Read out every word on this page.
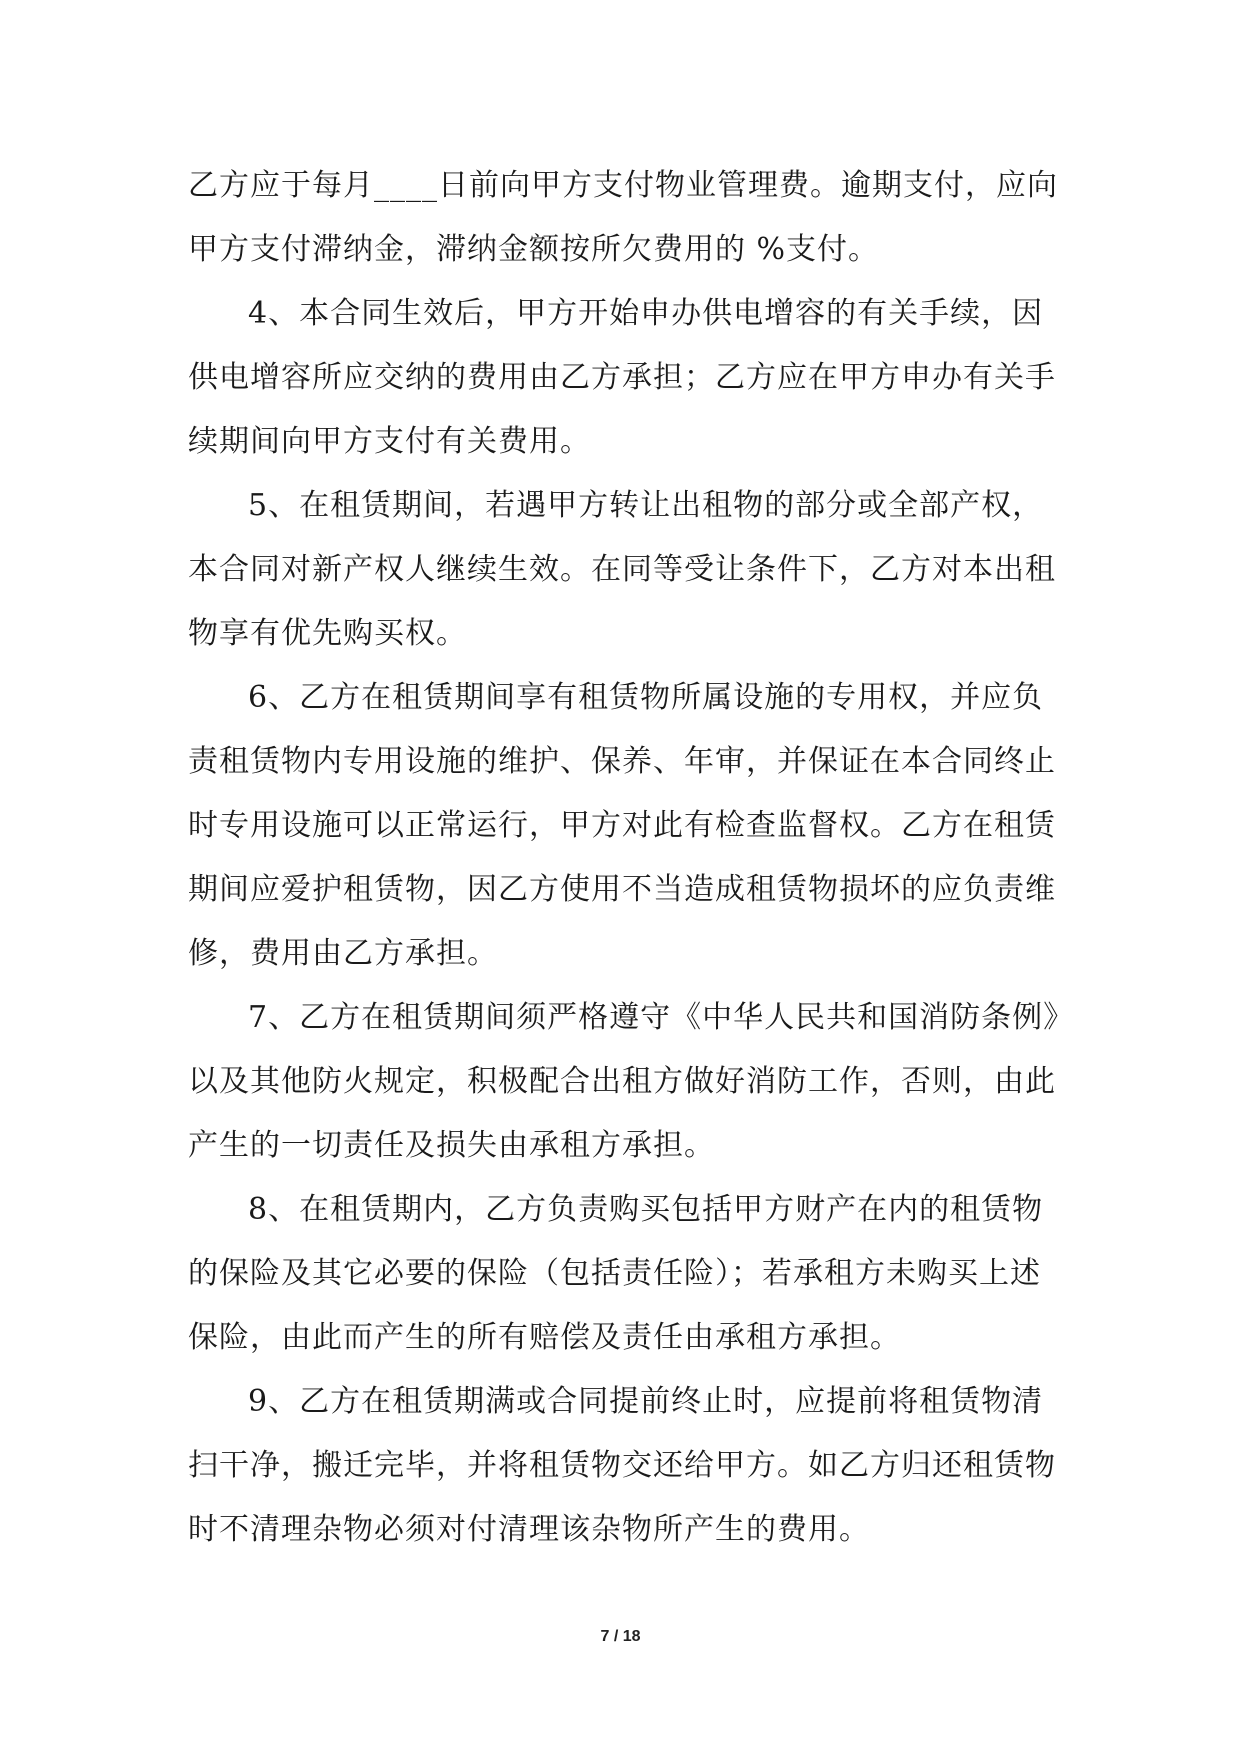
乙方应于每月____日前向甲方支付物业管理费。逾期支付，应向
甲方支付滞纳金，滞纳金额按所欠费用的 %支付。
4、本合同生效后，甲方开始申办供电增容的有关手续，因
供电增容所应交纳的费用由乙方承担；乙方应在甲方申办有关手
续期间向甲方支付有关费用。
5、在租赁期间，若遇甲方转让出租物的部分或全部产权，
本合同对新产权人继续生效。在同等受让条件下，乙方对本出租
物享有优先购买权。
6、乙方在租赁期间享有租赁物所属设施的专用权，并应负
责租赁物内专用设施的维护、保养、年审，并保证在本合同终止
时专用设施可以正常运行，甲方对此有检查监督权。乙方在租赁
期间应爱护租赁物，因乙方使用不当造成租赁物损坏的应负责维
修，费用由乙方承担。
7、乙方在租赁期间须严格遵守《中华人民共和国消防条例》
以及其他防火规定，积极配合出租方做好消防工作，否则，由此
产生的一切责任及损失由承租方承担。
8、在租赁期内，乙方负责购买包括甲方财产在内的租赁物
的保险及其它必要的保险（包括责任险）；若承租方未购买上述
保险，由此而产生的所有赔偿及责任由承租方承担。
9、乙方在租赁期满或合同提前终止时，应提前将租赁物清
扫干净，搬迁完毕，并将租赁物交还给甲方。如乙方归还租赁物
时不清理杂物必须对付清理该杂物所产生的费用。
7 / 18
